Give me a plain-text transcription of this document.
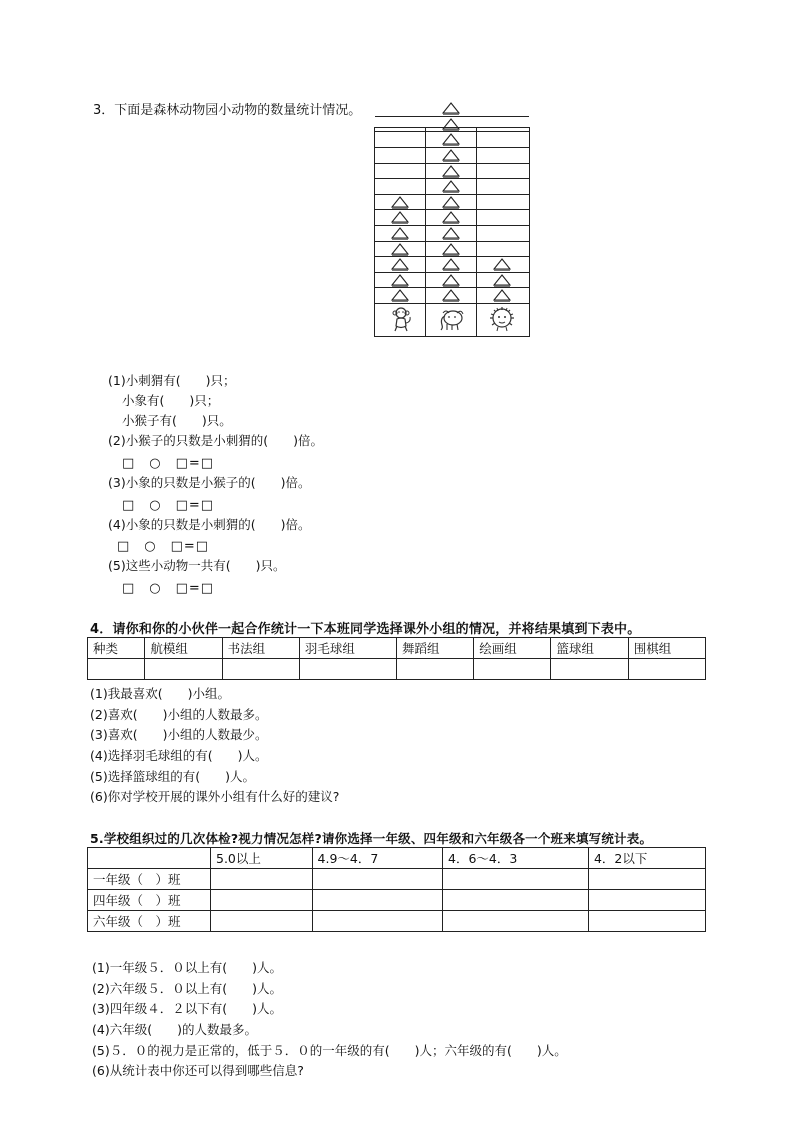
3．下面是森林动物园小动物的数量统计情况。
(1)小刺猬有(　　)只；
小象有(　　)只；
小猴子有(　　)只。
(2)小猴子的只数是小刺猬的(　　)倍。
□　○　□=□
(3)小象的只数是小猴子的(　　)倍。
□　○　□=□
(4)小象的只数是小刺猬的(　　)倍。
□　○　□=□
(5)这些小动物一共有(　　)只。
□　○　□=□
4．请你和你的小伙伴一起合作统计一下本班同学选择课外小组的情况，并将结果填到下表中。
种类	航模组	书法组	羽毛球组	舞蹈组	绘画组	篮球组	围棋组

(1)我最喜欢(　　)小组。
(2)喜欢(　　)小组的人数最多。
(3)喜欢(　　)小组的人数最少。
(4)选择羽毛球组的有(　　)人。
(5)选择篮球组的有(　　)人。
(6)你对学校开展的课外小组有什么好的建议?
5.学校组织过的几次体检?视力情况怎样?请你选择一年级、四年级和六年级各一个班来填写统计表。
	5.0以上	4.9～4．7	4．6～4．3	4．2以下
一年级（　）班				
四年级（　）班				
六年级（　）班				
(1)一年级５．０以上有(　　)人。
(2)六年级５．０以上有(　　)人。
(3)四年级４．２以下有(　　)人。
(4)六年级(　　)的人数最多。
(5)５．０的视力是正常的，低于５．０的一年级的有(　　)人；六年级的有(　　)人。
(6)从统计表中你还可以得到哪些信息?
